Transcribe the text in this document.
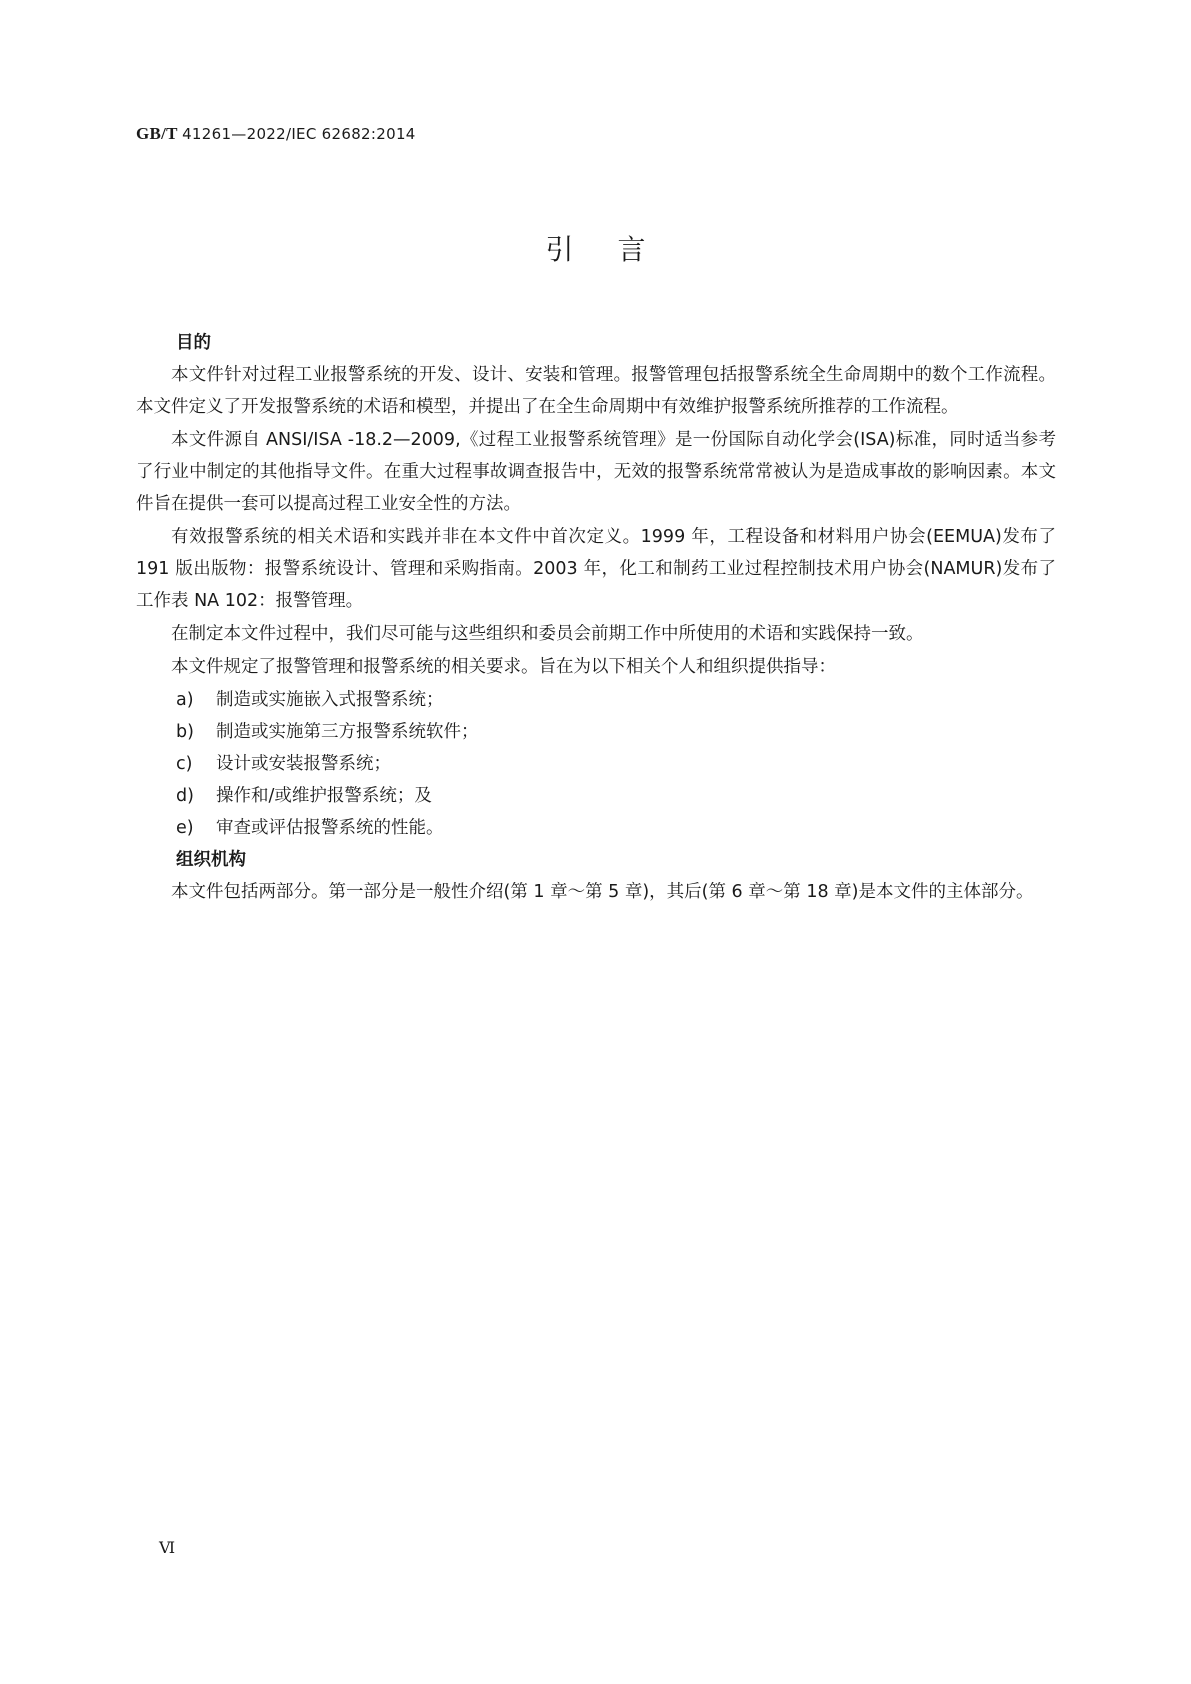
GB/T 41261—2022/IEC 62682:2014
引言
目的

本文件针对过程工业报警系统的开发、设计、安装和管理。报警管理包括报警系统全生命周期中的数个工作流程。本文件定义了开发报警系统的术语和模型，并提出了在全生命周期中有效维护报警系统所推荐的工作流程。

本文件源自 ANSI/ISA -18.2—2009,《过程工业报警系统管理》是一份国际自动化学会(ISA)标准，同时适当参考了行业中制定的其他指导文件。在重大过程事故调查报告中，无效的报警系统常常被认为是造成事故的影响因素。本文件旨在提供一套可以提高过程工业安全性的方法。

有效报警系统的相关术语和实践并非在本文件中首次定义。1999 年，工程设备和材料用户协会(EEMUA)发布了 191 版出版物：报警系统设计、管理和采购指南。2003 年，化工和制药工业过程控制技术用户协会(NAMUR)发布了工作表 NA 102：报警管理。

在制定本文件过程中，我们尽可能与这些组织和委员会前期工作中所使用的术语和实践保持一致。

本文件规定了报警管理和报警系统的相关要求。旨在为以下相关个人和组织提供指导：

a) 制造或实施嵌入式报警系统；
b) 制造或实施第三方报警系统软件；
c) 设计或安装报警系统；
d) 操作和/或维护报警系统；及
e) 审查或评估报警系统的性能。
组织机构

本文件包括两部分。第一部分是一般性介绍(第 1 章～第 5 章)，其后(第 6 章～第 18 章)是本文件的主体部分。

Ⅵ
